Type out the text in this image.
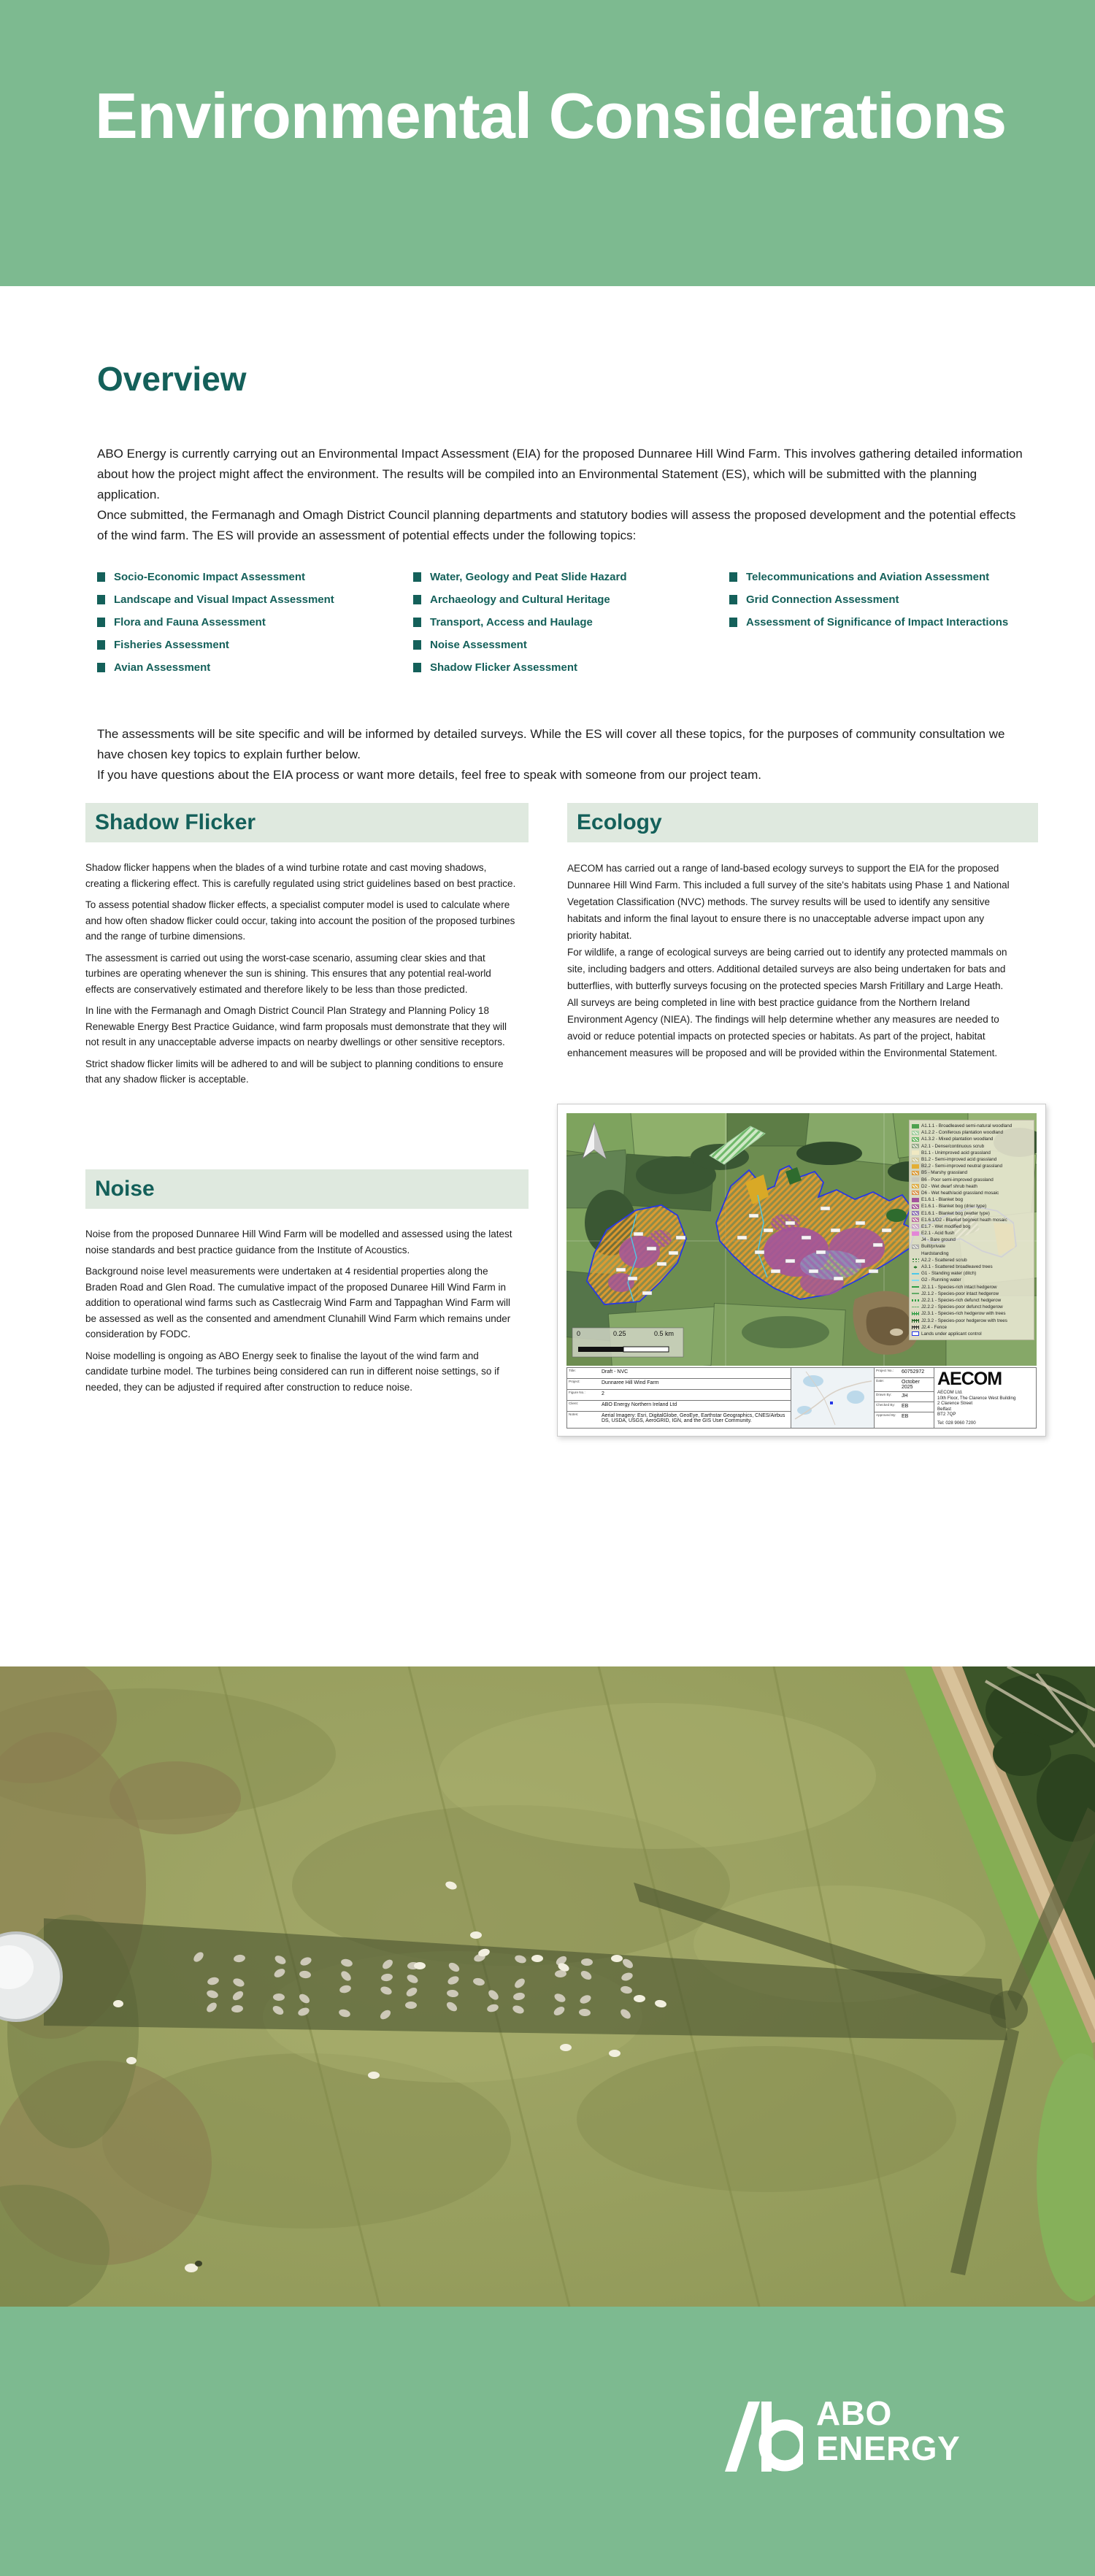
Environmental Considerations
Overview

ABO Energy is currently carrying out an Environmental Impact Assessment (EIA) for the proposed Dunnaree Hill Wind Farm. This involves gathering detailed information about how the project might affect the environment. The results will be compiled into an Environmental Statement (ES), which will be submitted with the planning application.

Once submitted, the Fermanagh and Omagh District Council planning departments and statutory bodies will assess the proposed development and the potential effects of the wind farm. The ES will provide an assessment of potential effects under the following topics:

Socio-Economic Impact Assessment
Landscape and Visual Impact Assessment
Flora and Fauna Assessment
Fisheries Assessment
Avian Assessment
Water, Geology and Peat Slide Hazard
Archaeology and Cultural Heritage
Transport, Access and Haulage
Noise Assessment
Shadow Flicker Assessment
Telecommunications and Aviation Assessment
Grid Connection Assessment
Assessment of Significance of Impact Interactions

The assessments will be site specific and will be informed by detailed surveys. While the ES will cover all these topics, for the purposes of community consultation we have chosen key topics to explain further below.

If you have questions about the EIA process or want more details, feel free to speak with someone from our project team.

Shadow Flicker

Shadow flicker happens when the blades of a wind turbine rotate and cast moving shadows, creating a flickering effect. This is carefully regulated using strict guidelines based on best practice.

To assess potential shadow flicker effects, a specialist computer model is used to calculate where and how often shadow flicker could occur, taking into account the position of the proposed turbines and the range of turbine dimensions.

The assessment is carried out using the worst-case scenario, assuming clear skies and that turbines are operating whenever the sun is shining. This ensures that any potential real-world effects are conservatively estimated and therefore likely to be less than those predicted.

In line with the Fermanagh and Omagh District Council Plan Strategy and Planning Policy 18 Renewable Energy Best Practice Guidance, wind farm proposals must demonstrate that they will not result in any unacceptable adverse impacts on nearby dwellings or other sensitive receptors.

Strict shadow flicker limits will be adhered to and will be subject to planning conditions to ensure that any shadow flicker is acceptable.

Ecology

AECOM has carried out a range of land-based ecology surveys to support the EIA for the proposed Dunnaree Hill Wind Farm. This included a full survey of the site's habitats using Phase 1 and National Vegetation Classification (NVC) methods. The survey results will be used to identify any sensitive habitats and inform the final layout to ensure there is no unacceptable adverse impact upon any priority habitat.

For wildlife, a range of ecological surveys are being carried out to identify any protected mammals on site, including badgers and otters. Additional detailed surveys are also being undertaken for bats and butterflies, with butterfly surveys focusing on the protected species Marsh Fritillary and Large Heath.

All surveys are being completed in line with best practice guidance from the Northern Ireland Environment Agency (NIEA). The findings will help determine whether any measures are needed to avoid or reduce potential impacts on protected species or habitats. As part of the project, habitat enhancement measures will be proposed and will be provided within the Environmental Statement.

Noise

Noise from the proposed Dunnaree Hill Wind Farm will be modelled and assessed using the latest noise standards and best practice guidance from the Institute of Acoustics.

Background noise level measurements were undertaken at 4 residential properties along the Braden Road and Glen Road. The cumulative impact of the proposed Dunaree Hill Wind Farm in addition to operational wind farms such as Castlecraig Wind Farm and Tappaghan Wind Farm will be assessed as well as the consented and amendment Clunahill Wind Farm which remains under consideration by FODC.

Noise modelling is ongoing as ABO Energy seek to finalise the layout of the wind farm and candidate turbine model. The turbines being considered can run in different noise settings, so if needed, they can be adjusted if required after construction to reduce noise.

0	0.25	0.5 km
A1.1.1 - Broadleaved semi-natural woodland
A1.2.2 - Coniferous plantation woodland
A1.3.2 - Mixed plantation woodland
A2.1 - Dense/continuous scrub
B1.1 - Unimproved acid grassland
B1.2 - Semi-improved acid grassland
B2.2 - Semi-improved neutral grassland
B5 - Marshy grassland
B6 - Poor semi-improved grassland
D2 - Wet dwarf shrub heath
D6 - Wet heath/acid grassland mosaic
E1.6.1 - Blanket bog
E1.6.1 - Blanket bog (drier type)
E1.6.1 - Blanket bog (wetter type)
E1.6.1/D2 - Blanket bog/wet heath mosaic
E1.7 - Wet modified bog
E2.1 - Acid flush
J4 - Bare ground
Built/private
Hardstanding
A2.2 - Scattered scrub
A3.1 - Scattered broadleaved trees
G1 - Standing water (ditch)
G2 - Running water
J2.1.1 - Species-rich intact hedgerow
J2.1.2 - Species-poor intact hedgerow
J2.2.1 - Species-rich defunct hedgerow
J2.2.2 - Species-poor defunct hedgerow
J2.3.1 - Species-rich hedgerow with trees
J2.3.2 - Species-poor hedgerow with trees
J2.4 - Fence
Lands under applicant control
Title:	Draft - NVC
Project:	Dunnaree Hill Wind Farm
Figure No.:	2
Client:	ABO Energy Northern Ireland Ltd
Notes:	Aerial Imagery: Esri, DigitalGlobe, GeoEye, Earthstar Geographics, CNES/Airbus DS, USDA, USGS, AeroGRID, IGN, and the GIS User Community.
Project No.:	60752972
Date:	October 2025
Drawn By:	JH
Checked By:	EB
Approved By:	EB
AECOM
AECOM Ltd.
10th Floor, The Clarence West Building
2 Clarence Street
Belfast
BT2 7QP
Tel: 028 9060 7200
ABO
ENERGY
